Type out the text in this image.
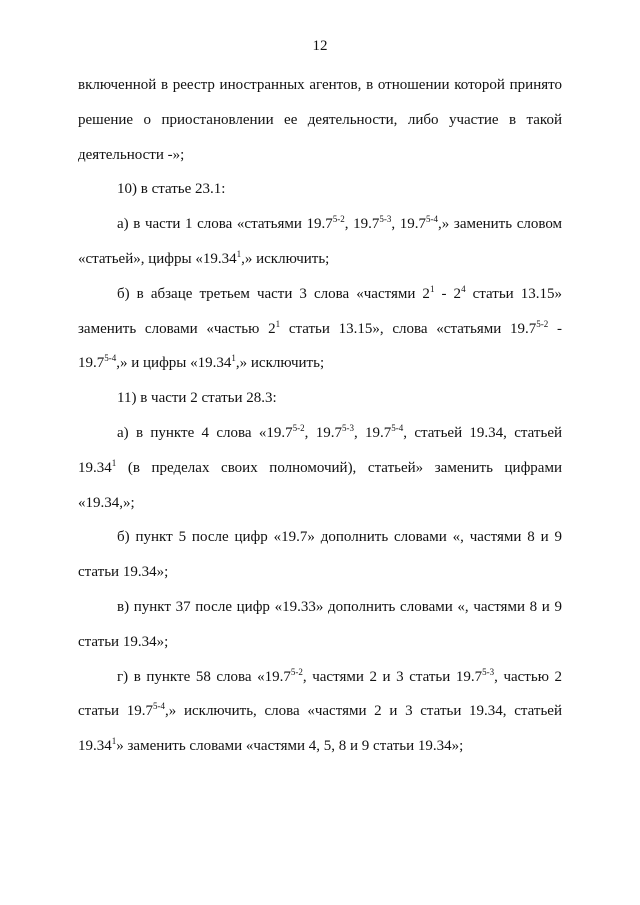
12
включенной в реестр иностранных агентов, в отношении которой принято
решение о приостановлении ее деятельности, либо участие в такой
деятельности -»;
10) в статье 23.1:
а) в части 1 слова «статьями 19.7$^{5-2}$, 19.7$^{5-3}$, 19.7$^{5-4}$,» заменить словом
«статьей», цифры «19.34$^1$,» исключить;
б) в абзаце третьем части 3 слова «частями $2^1 - 2^4$ статьи 13.15»
заменить словами «частью $2^1$ статьи 13.15», слова «статьями 19.7$^{5-2}$ -
19.7$^{5-4}$,» и цифры «19.34$^1$,» исключить;
11) в части 2 статьи 28.3:
а) в пункте 4 слова «19.7$^{5-2}$, 19.7$^{5-3}$, 19.7$^{5-4}$, статьей 19.34, статьей
19.34$^1$ (в пределах своих полномочий), статьей» заменить цифрами
«19.34,»;
б) пункт 5 после цифр «19.7» дополнить словами «, частями 8 и 9
статьи 19.34»;
в) пункт 37 после цифр «19.33» дополнить словами «, частями 8 и 9
статьи 19.34»;
г) в пункте 58 слова «19.7$^{5-2}$, частями 2 и 3 статьи 19.7$^{5-3}$, частью 2
статьи 19.7$^{5-4}$,» исключить, слова «частями 2 и 3 статьи 19.34, статьей
19.34$^1$» заменить словами «частями 4, 5, 8 и 9 статьи 19.34»;
